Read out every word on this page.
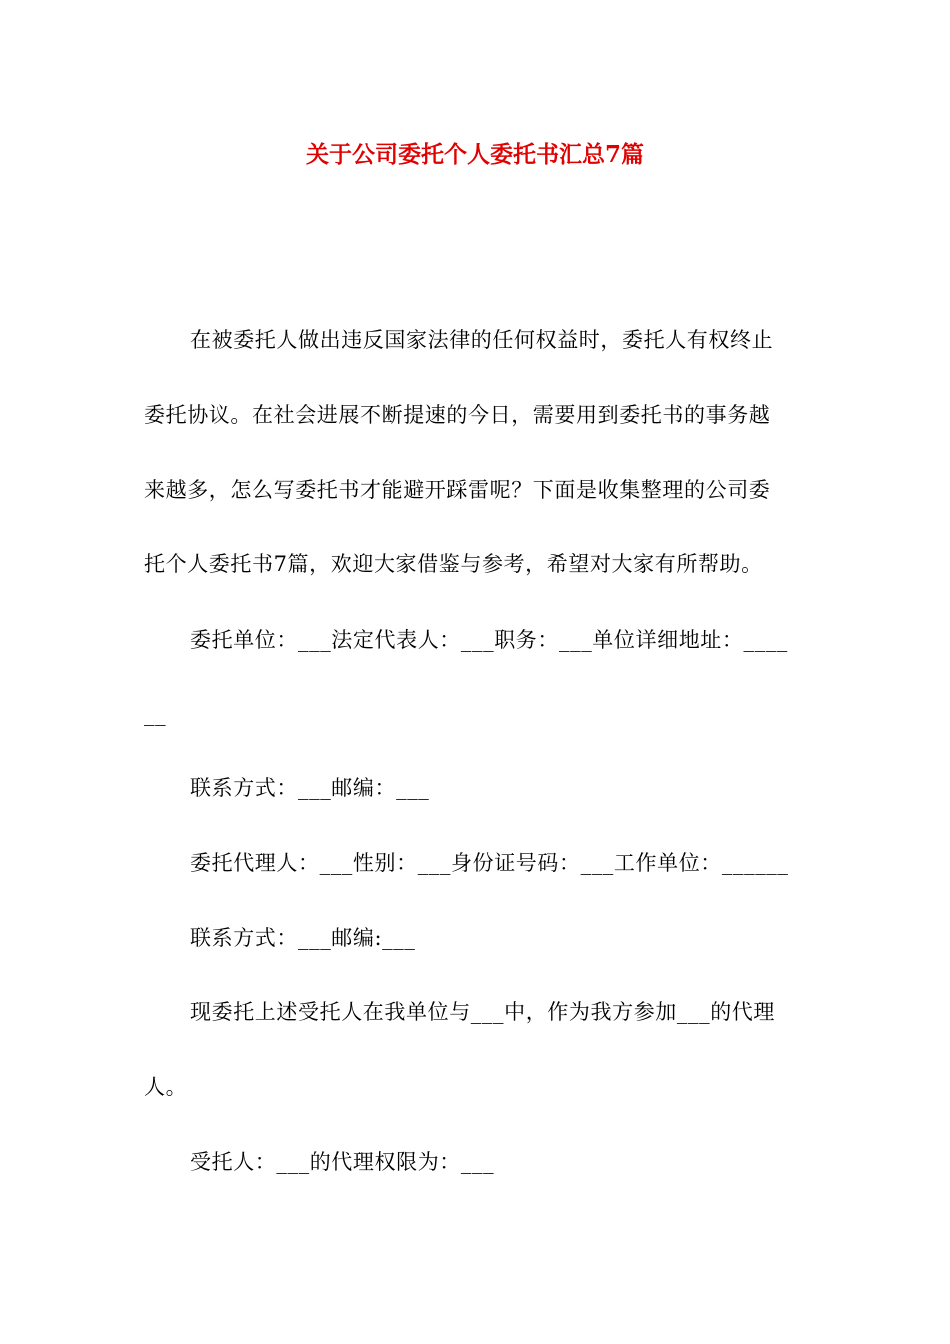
关于公司委托个人委托书汇总7篇
在被委托人做出违反国家法律的任何权益时，委托人有权终止
委托协议。在社会进展不断提速的今日，需要用到委托书的事务越
来越多，怎么写委托书才能避开踩雷呢？下面是收集整理的公司委
托个人委托书7篇，欢迎大家借鉴与参考，希望对大家有所帮助。
委托单位：___法定代表人：___职务：___单位详细地址：____
__
联系方式：___邮编：___
委托代理人：___性别：___身份证号码：___工作单位：______
联系方式：___邮编:___
现委托上述受托人在我单位与___中，作为我方参加___的代理
人。
受托人：___的代理权限为：___
